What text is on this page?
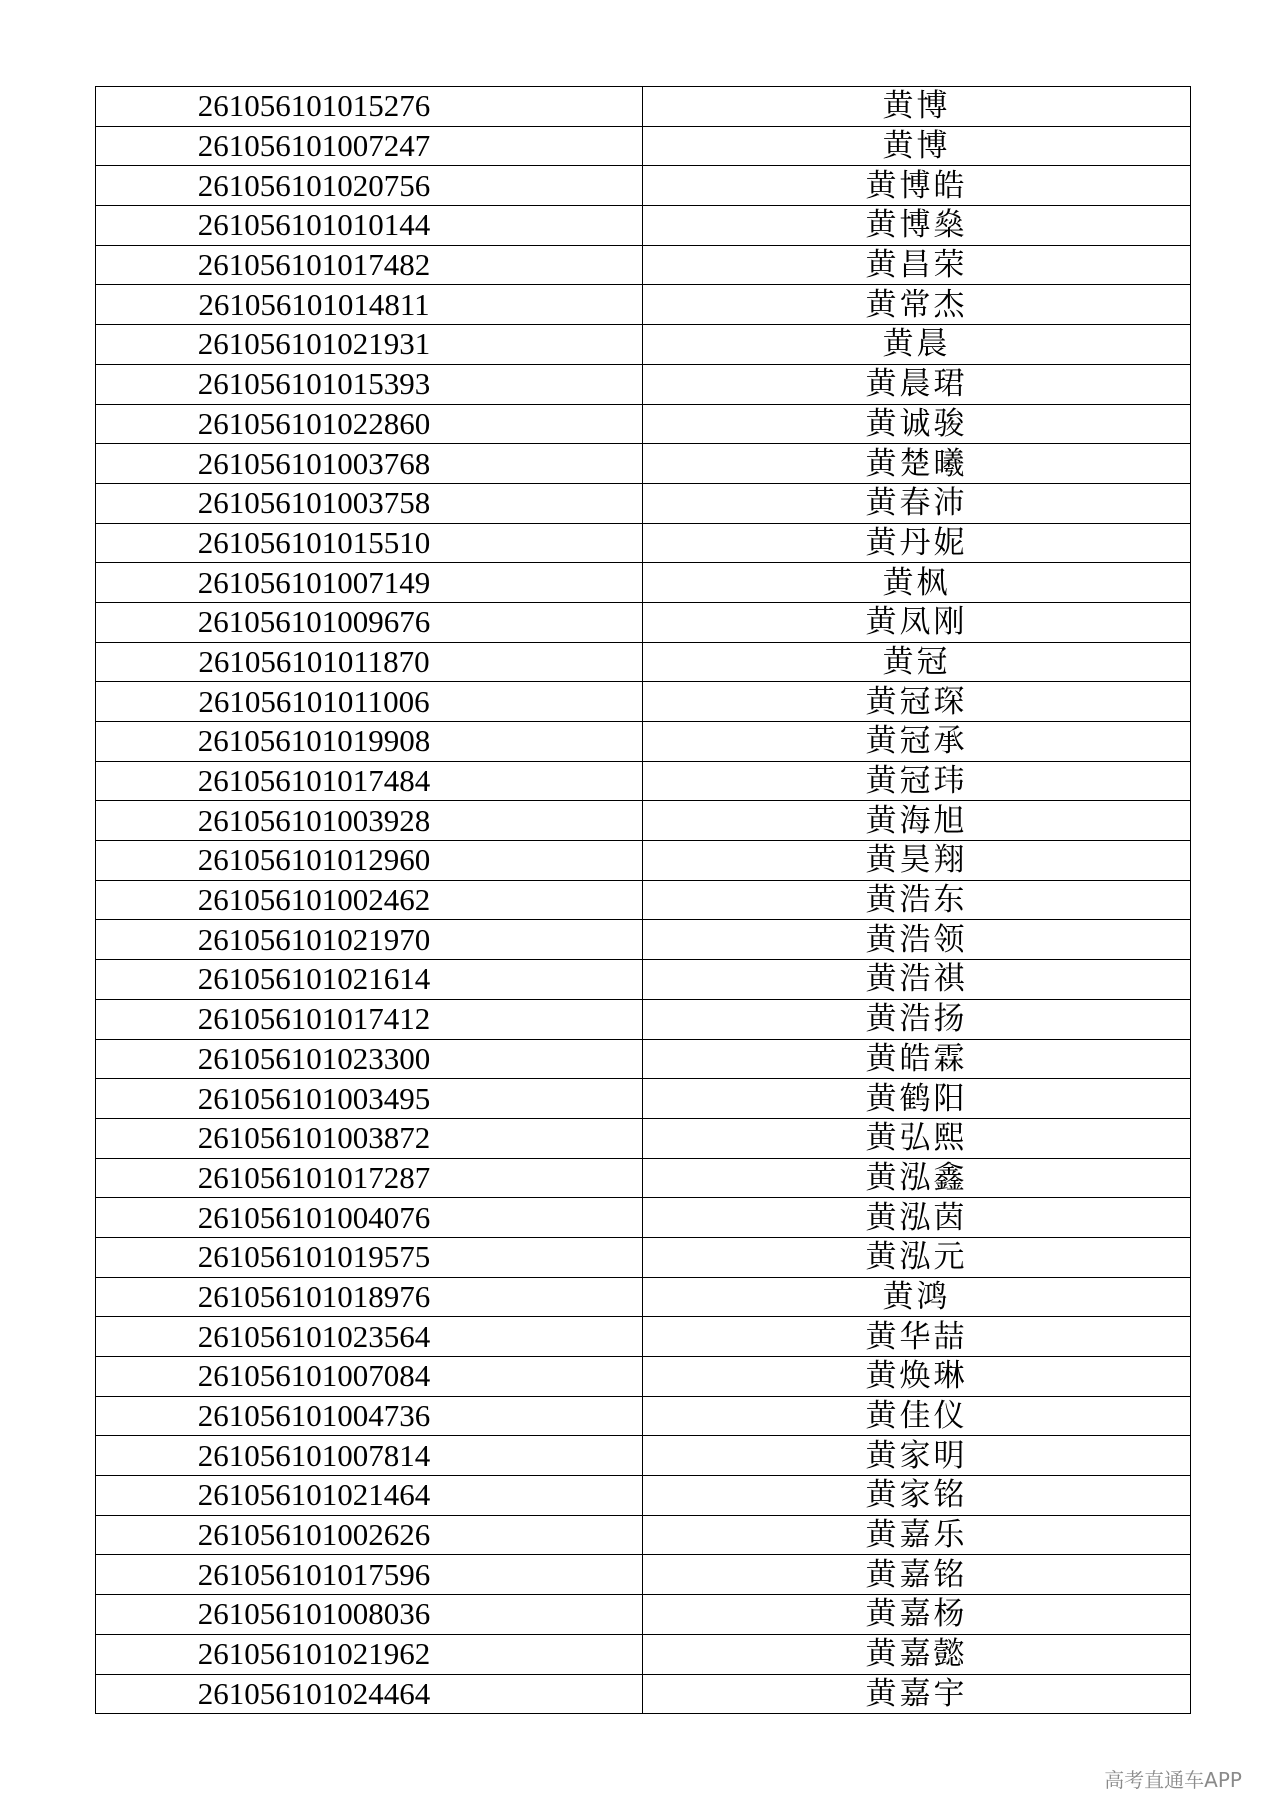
261056101015276	黄博
261056101007247	黄博
261056101020756	黄博皓
261056101010144	黄博燊
261056101017482	黄昌荣
261056101014811	黄常杰
261056101021931	黄晨
261056101015393	黄晨珺
261056101022860	黄诚骏
261056101003768	黄楚曦
261056101003758	黄春沛
261056101015510	黄丹妮
261056101007149	黄枫
261056101009676	黄凤刚
261056101011870	黄冠
261056101011006	黄冠琛
261056101019908	黄冠承
261056101017484	黄冠玮
261056101003928	黄海旭
261056101012960	黄昊翔
261056101002462	黄浩东
261056101021970	黄浩领
261056101021614	黄浩祺
261056101017412	黄浩扬
261056101023300	黄皓霖
261056101003495	黄鹤阳
261056101003872	黄弘熙
261056101017287	黄泓鑫
261056101004076	黄泓茵
261056101019575	黄泓元
261056101018976	黄鸿
261056101023564	黄华喆
261056101007084	黄焕琳
261056101004736	黄佳仪
261056101007814	黄家明
261056101021464	黄家铭
261056101002626	黄嘉乐
261056101017596	黄嘉铭
261056101008036	黄嘉杨
261056101021962	黄嘉懿
261056101024464	黄嘉宇
高考直通车APP
